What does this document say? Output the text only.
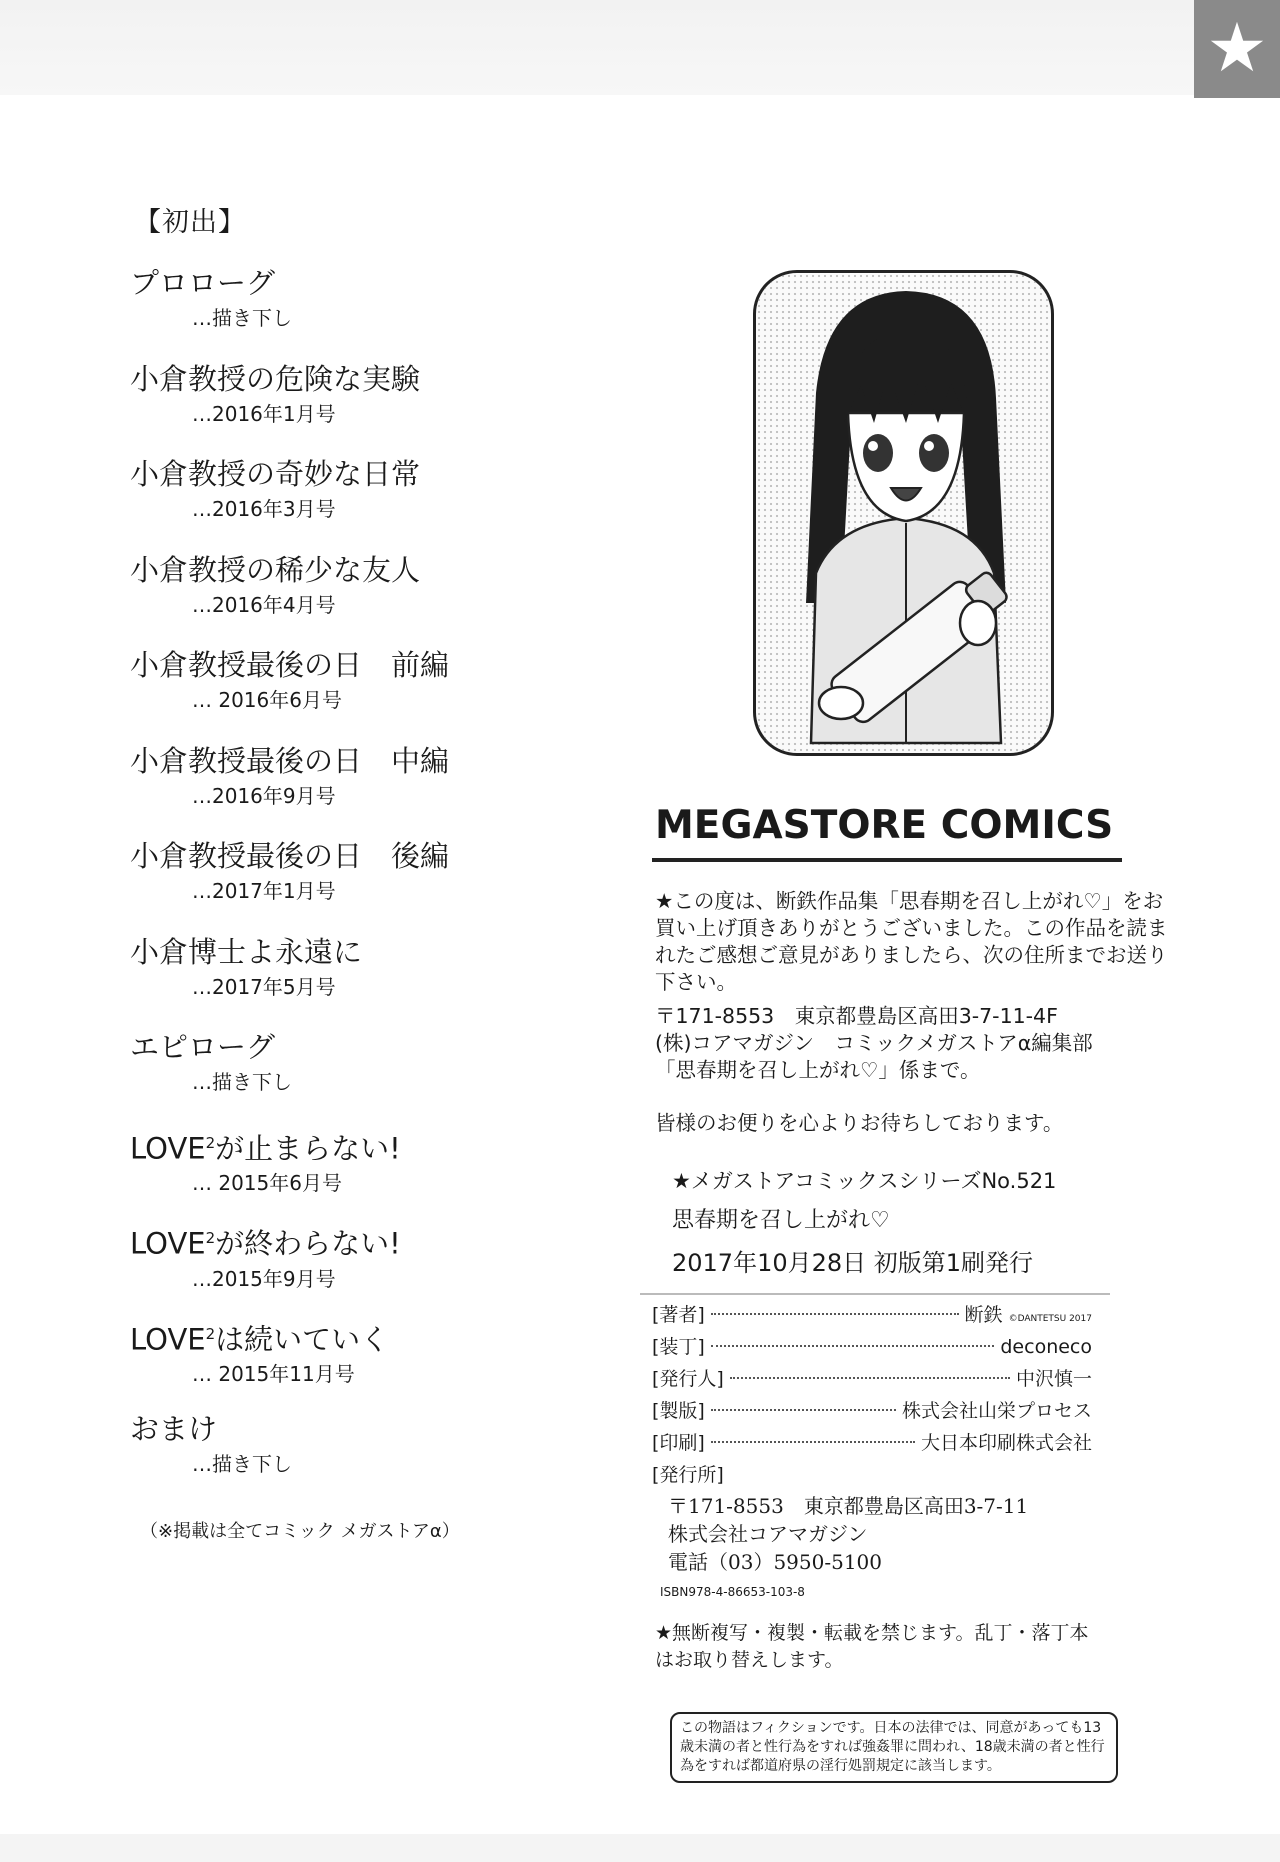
★
【初出】
プロローグ
…描き下し
小倉教授の危険な実験
…2016年1月号
小倉教授の奇妙な日常
…2016年3月号
小倉教授の稀少な友人
…2016年4月号
小倉教授最後の日　前編
… 2016年6月号
小倉教授最後の日　中編
…2016年9月号
小倉教授最後の日　後編
…2017年1月号
小倉博士よ永遠に
…2017年5月号
エピローグ
…描き下し
LOVE$^2$が止まらない!
… 2015年6月号
LOVE$^2$が終わらない!
…2015年9月号
LOVE$^2$は続いていく
… 2015年11月号
おまけ
…描き下し
（※掲載は全てコミック メガストアα）
MEGASTORE COMICS
★この度は、断鉄作品集「思春期を召し上がれ♡」をお買い上げ頂きありがとうございました。この作品を読まれたご感想ご意見がありましたら、次の住所までお送り下さい。
〒171-8553　東京都豊島区高田3-7-11-4F
(株)コアマガジン　コミックメガストアα編集部
「思春期を召し上がれ♡」係まで。
皆様のお便りを心よりお待ちしております。
★メガストアコミックスシリーズNo.521
思春期を召し上がれ♡
2017年10月28日 初版第1刷発行
[著者]	断鉄 ©DANTETSU 2017
[装丁]	deconeco
[発行人]	中沢慎一
[製版]	株式会社山栄プロセス
[印刷]	大日本印刷株式会社
[発行所]
〒171-8553　東京都豊島区高田3-7-11
株式会社コアマガジン
電話（03）5950-5100
ISBN978-4-86653-103-8
★無断複写・複製・転載を禁じます。乱丁・落丁本はお取り替えします。
この物語はフィクションです。日本の法律では、同意があっても13歳未満の者と性行為をすれば強姦罪に問われ、18歳未満の者と性行為をすれば都道府県の淫行処罰規定に該当します。
